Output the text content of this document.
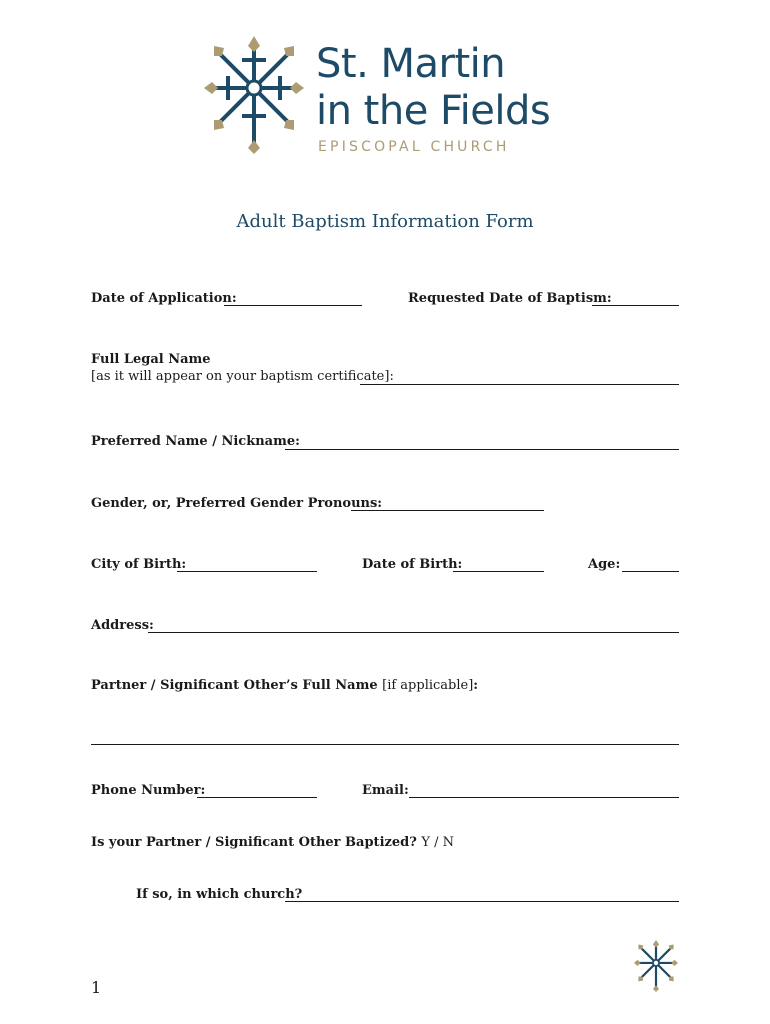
St. Martin
in the Fields
EPISCOPAL CHURCH
Adult Baptism Information Form
Date of Application:	Requested Date of Baptism:
Full Legal Name
[as it will appear on your baptism certificate]:
Preferred Name / Nickname:
Gender, or, Preferred Gender Pronouns:
City of Birth:	Date of Birth:	Age:
Address:
Partner / Significant Other’s Full Name [if applicable]:
Phone Number:	Email:
Is your Partner / Significant Other Baptized? Y / N
If so, in which church?
1
